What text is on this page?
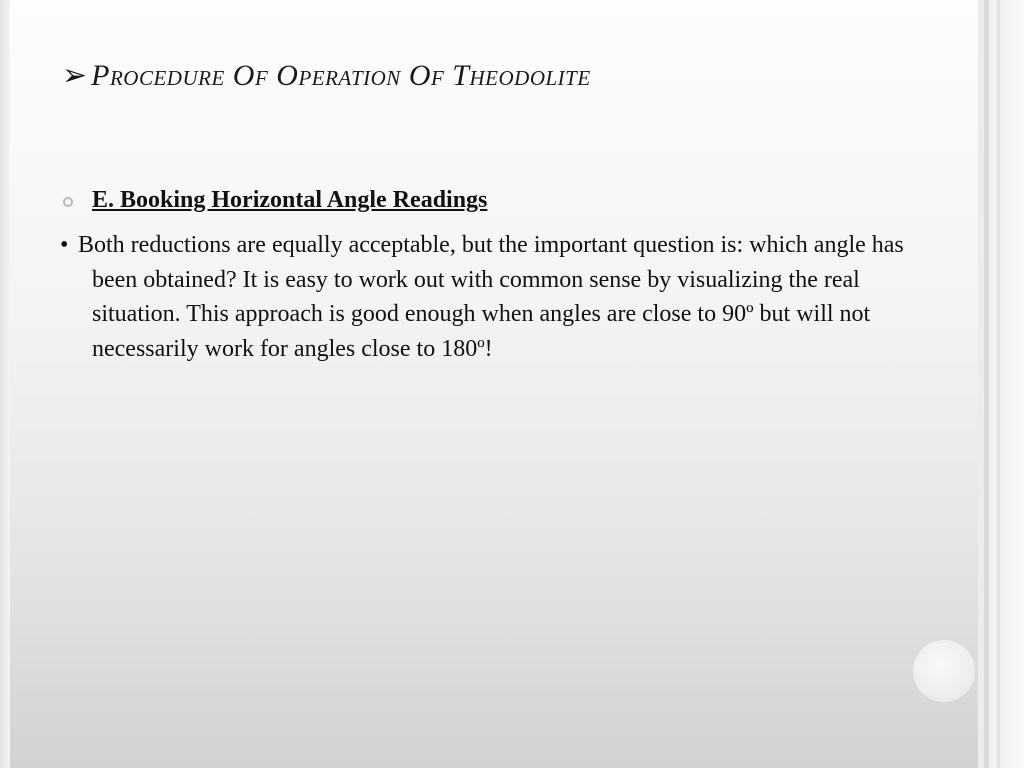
➢ Procedure Of Operation Of Theodolite
E. Booking Horizontal Angle Readings

• Both reductions are equally acceptable, but the important question is: which angle has been obtained? It is easy to work out with common sense by visualizing the real situation. This approach is good enough when angles are close to 90º but will not necessarily work for angles close to 180º!
